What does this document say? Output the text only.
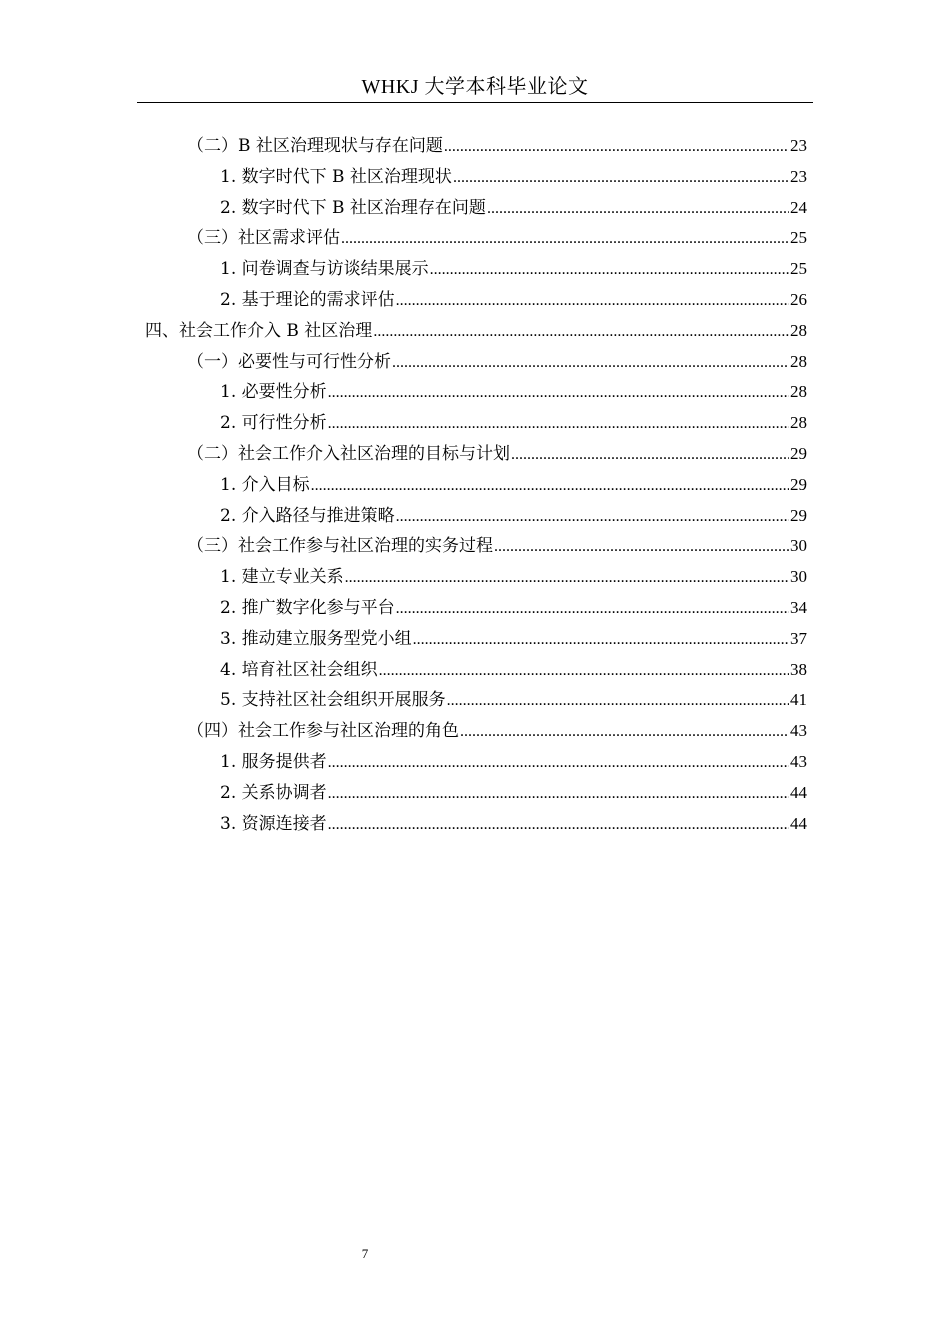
WHKJ 大学本科毕业论文
（二）B 社区治理现状与存在问题 .....	23
1. 数字时代下 B 社区治理现状 .....	23
2. 数字时代下 B 社区治理存在问题 .....	24
（三）社区需求评估 .....	25
1. 问卷调查与访谈结果展示 .....	25
2. 基于理论的需求评估 .....	26
四、社会工作介入 B 社区治理 .....	28
（一）必要性与可行性分析 .....	28
1. 必要性分析 .....	28
2. 可行性分析 .....	28
（二）社会工作介入社区治理的目标与计划 .....	29
1. 介入目标 .....	29
2. 介入路径与推进策略 .....	29
（三）社会工作参与社区治理的实务过程 .....	30
1. 建立专业关系 .....	30
2. 推广数字化参与平台 .....	34
3. 推动建立服务型党小组 .....	37
4. 培育社区社会组织 .....	38
5. 支持社区社会组织开展服务 .....	41
（四）社会工作参与社区治理的角色 .....	43
1. 服务提供者 .....	43
2. 关系协调者 .....	44
3. 资源连接者 .....	44
7
